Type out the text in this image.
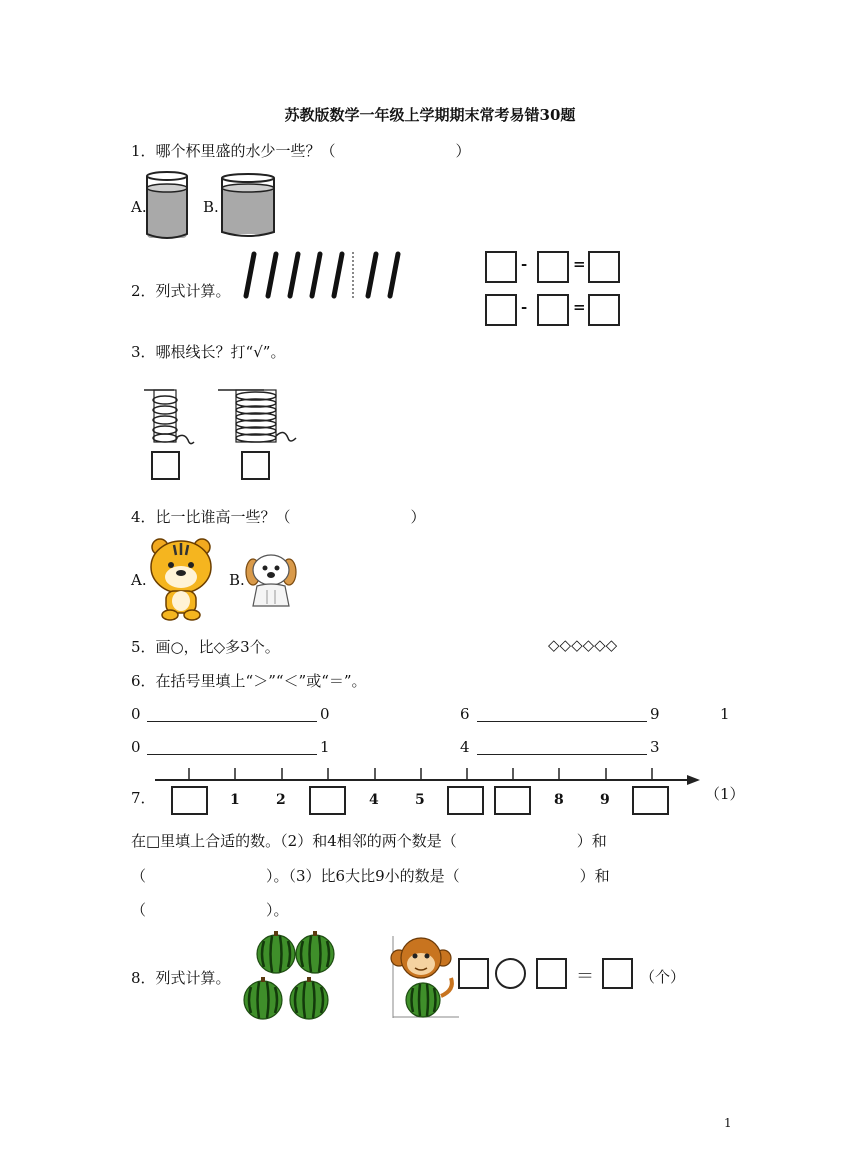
苏教版数学一年级上学期期末常考易错30题
1．哪个杯里盛的水少一些？（　　　　　　　　）
A.	B.
2．列式计算。
-	=
-	=
3．哪根线长？打“√”。
4．比一比谁高一些？（　　　　　　　　）
A.	B.
5．画○，比◇多3个。	◇◇◇◇◇◇
6．在括号里填上“＞”“＜”或“＝”。
0	0	6	9	1
0	1	4	3
7．	1	2	4	5	8	9	（1）
在□里填上合适的数。（2）和4相邻的两个数是（　　　　　　　　）和
（　　　　　　　　）。（3）比6大比9小的数是（　　　　　　　　）和
（　　　　　　　　）。
8．列式计算。	＝	（个）
1
